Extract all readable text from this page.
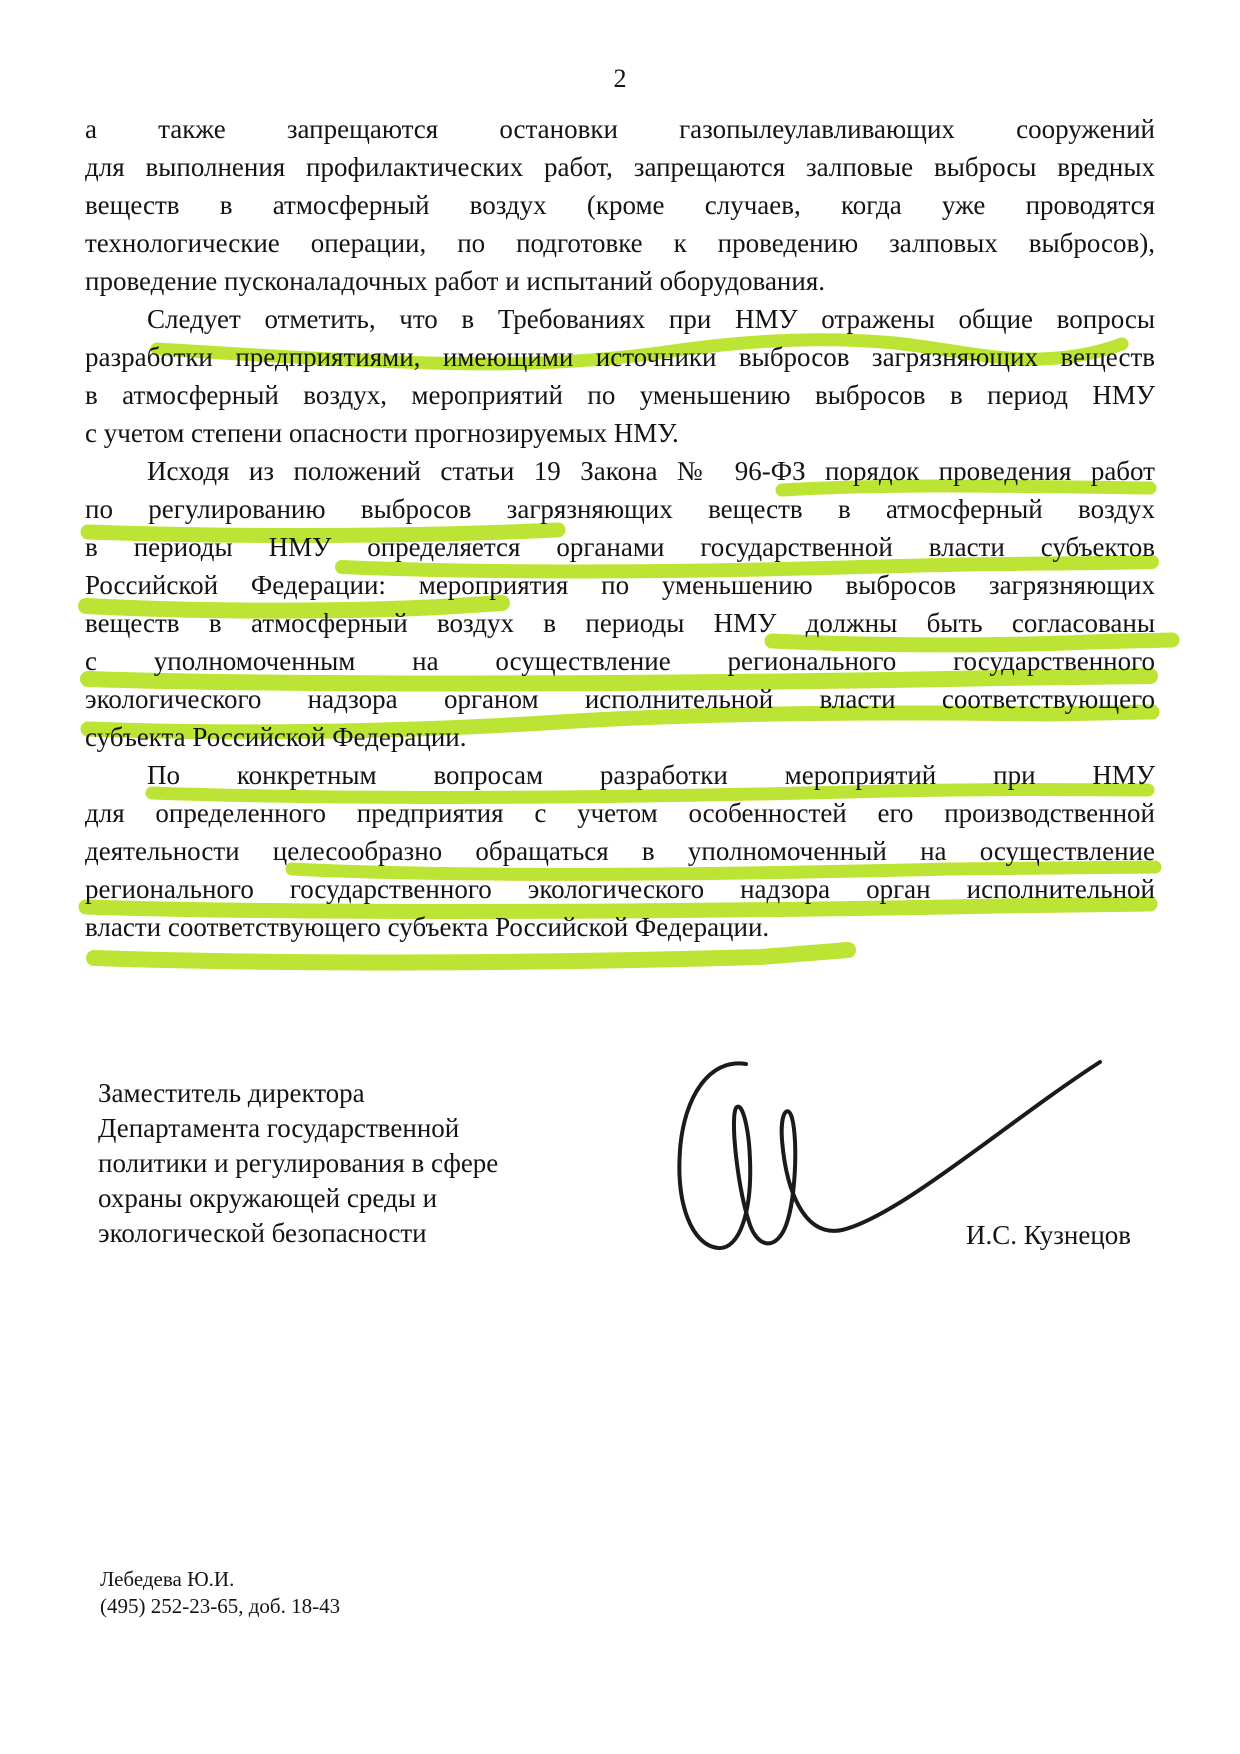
2
а также запрещаются остановки газопылеулавливающих сооружений
для выполнения профилактических работ, запрещаются залповые выбросы вредных
веществ в атмосферный воздух (кроме случаев, когда уже проводятся
технологические операции, по подготовке к проведению залповых выбросов),
проведение пусконаладочных работ и испытаний оборудования.
Следует отметить, что в Требованиях при НМУ отражены общие вопросы
разработки предприятиями, имеющими источники выбросов загрязняющих веществ
в атмосферный воздух, мероприятий по уменьшению выбросов в период НМУ
с учетом степени опасности прогнозируемых НМУ.
Исходя из положений статьи 19 Закона № 96-ФЗ порядок проведения работ
по регулированию выбросов загрязняющих веществ в атмосферный воздух
в периоды НМУ определяется органами государственной власти субъектов
Российской Федерации: мероприятия по уменьшению выбросов загрязняющих
веществ в атмосферный воздух в периоды НМУ должны быть согласованы
с уполномоченным на осуществление регионального государственного
экологического надзора органом исполнительной власти соответствующего
субъекта Российской Федерации.
По конкретным вопросам разработки мероприятий при НМУ
для определенного предприятия с учетом особенностей его производственной
деятельности целесообразно обращаться в уполномоченный на осуществление
регионального государственного экологического надзора орган исполнительной
власти соответствующего субъекта Российской Федерации.
Заместитель директора
Департамента государственной
политики и регулирования в сфере
охраны окружающей среды и
экологической безопасности	И.С. Кузнецов
Лебедева Ю.И.
(495) 252-23-65, доб. 18-43
